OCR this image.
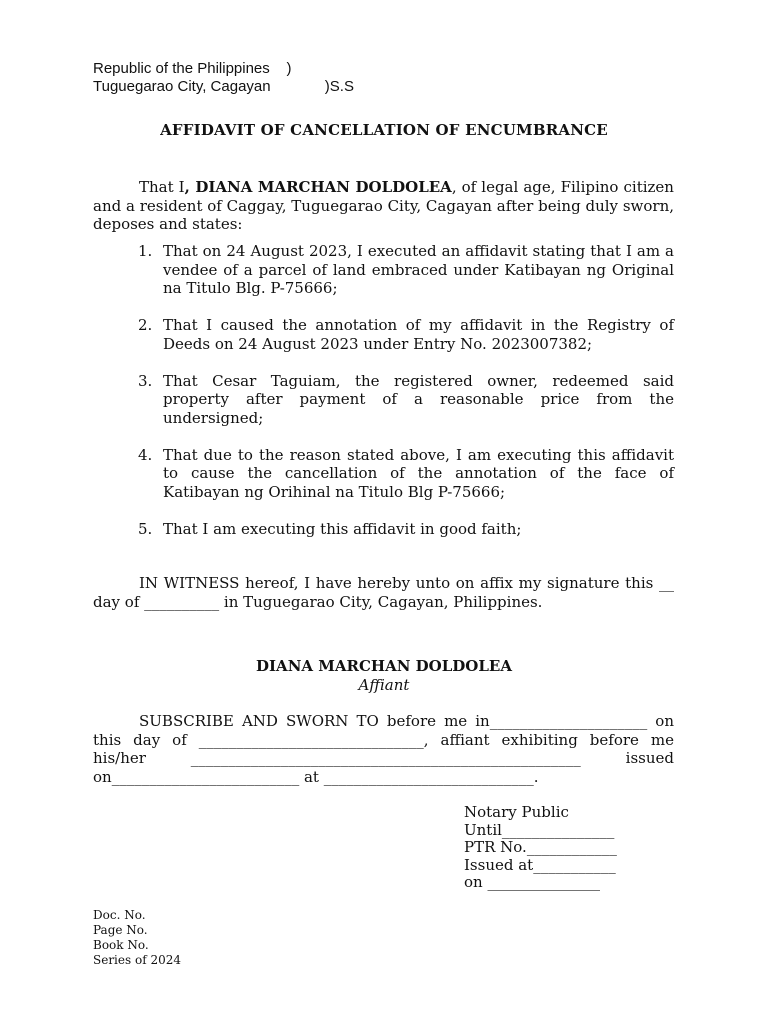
Republic of the Philippines    )
Tuguegarao City, Cagayan             )S.S
AFFIDAVIT OF CANCELLATION OF ENCUMBRANCE
That I, DIANA MARCHAN DOLDOLEA, of legal age, Filipino citizen and a resident of Caggay, Tuguegarao City, Cagayan after being duly sworn, deposes and states:
1. That on 24 August 2023, I executed an affidavit stating that I am a vendee of a parcel of land embraced under Katibayan ng Original na Titulo Blg. P-75666;
2. That I caused the annotation of my affidavit in the Registry of Deeds on 24 August 2023 under Entry No. 2023007382;
3. That Cesar Taguiam, the registered owner, redeemed said property after payment of a reasonable price from the undersigned;
4. That due to the reason stated above, I am executing this affidavit to cause the cancellation of the annotation of the face of Katibayan ng Orihinal na Titulo Blg P-75666;
5. That I am executing this affidavit in good faith;
IN WITNESS hereof, I have hereby unto on affix my signature this __ day of __________ in Tuguegarao City, Cagayan, Philippines.
DIANA MARCHAN DOLDOLEA
Affiant
SUBSCRIBE AND SWORN TO before me in_____________________ on
this day of ______________________________, affiant exhibiting before me
his/her	____________________________________________________	issued
on_________________________ at ____________________________.
Notary Public
Until_______________
PTR No.____________
Issued at___________
on _______________
Doc. No.
Page No.
Book No.
Series of 2024
